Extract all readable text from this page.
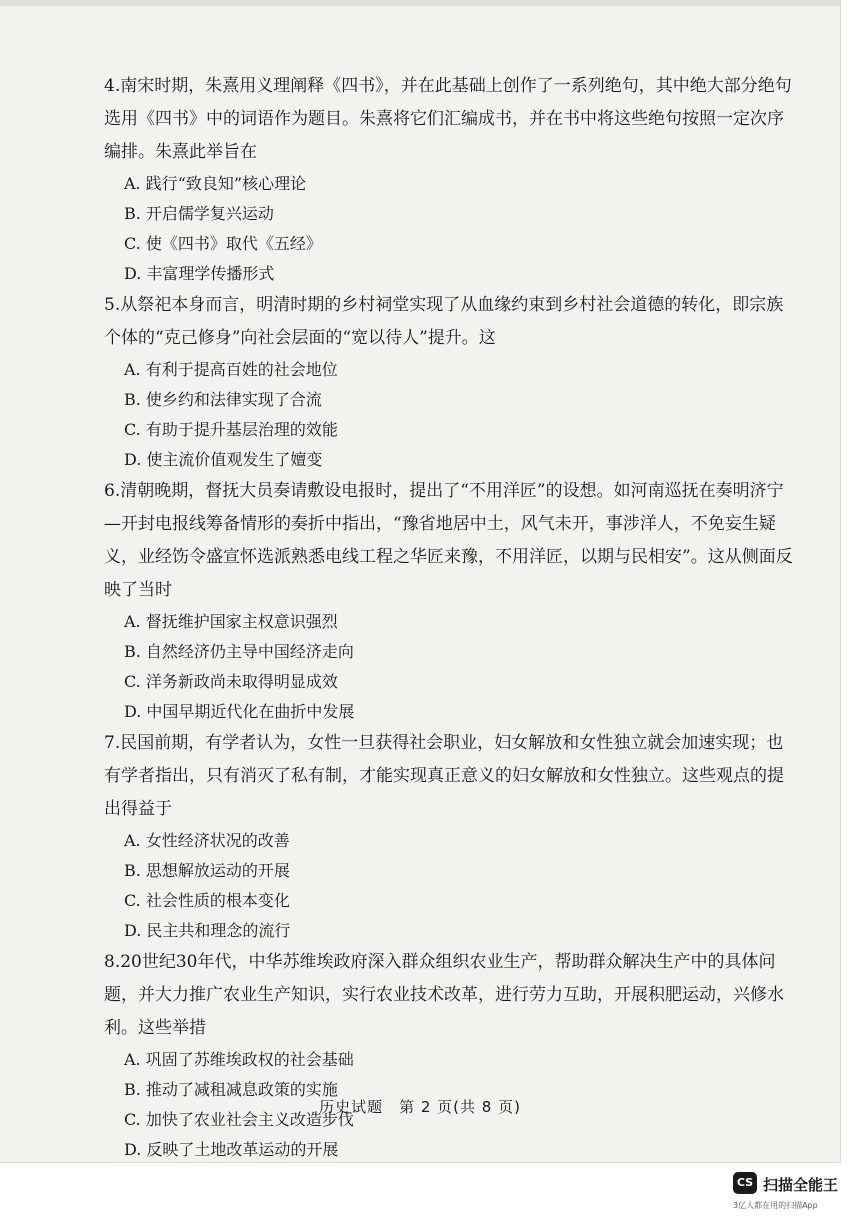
4.南宋时期，朱熹用义理阐释《四书》，并在此基础上创作了一系列绝句，其中绝大部分绝句选用《四书》中的词语作为题目。朱熹将它们汇编成书，并在书中将这些绝句按照一定次序编排。朱熹此举旨在

A. 践行“致良知”核心理论

B. 开启儒学复兴运动

C. 使《四书》取代《五经》

D. 丰富理学传播形式

5.从祭祀本身而言，明清时期的乡村祠堂实现了从血缘约束到乡村社会道德的转化，即宗族个体的“克己修身”向社会层面的“宽以待人”提升。这

A. 有利于提高百姓的社会地位

B. 使乡约和法律实现了合流

C. 有助于提升基层治理的效能

D. 使主流价值观发生了嬗变

6.清朝晚期，督抚大员奏请敷设电报时，提出了“不用洋匠”的设想。如河南巡抚在奏明济宁—开封电报线筹备情形的奏折中指出，“豫省地居中土，风气未开，事涉洋人，不免妄生疑义，业经饬令盛宣怀选派熟悉电线工程之华匠来豫，不用洋匠，以期与民相安”。这从侧面反映了当时

A. 督抚维护国家主权意识强烈

B. 自然经济仍主导中国经济走向

C. 洋务新政尚未取得明显成效

D. 中国早期近代化在曲折中发展

7.民国前期，有学者认为，女性一旦获得社会职业，妇女解放和女性独立就会加速实现；也有学者指出，只有消灭了私有制，才能实现真正意义的妇女解放和女性独立。这些观点的提出得益于

A. 女性经济状况的改善

B. 思想解放运动的开展

C. 社会性质的根本变化

D. 民主共和理念的流行

8.20世纪30年代，中华苏维埃政府深入群众组织农业生产，帮助群众解决生产中的具体问题，并大力推广农业生产知识，实行农业技术改革，进行劳力互助，开展积肥运动，兴修水利。这些举措

A. 巩固了苏维埃政权的社会基础

B. 推动了减租减息政策的实施

C. 加快了农业社会主义改造步伐

D. 反映了土地改革运动的开展

历史试题　第 2 页(共 8 页)
CS 扫描全能王
3亿人都在用的扫描App
